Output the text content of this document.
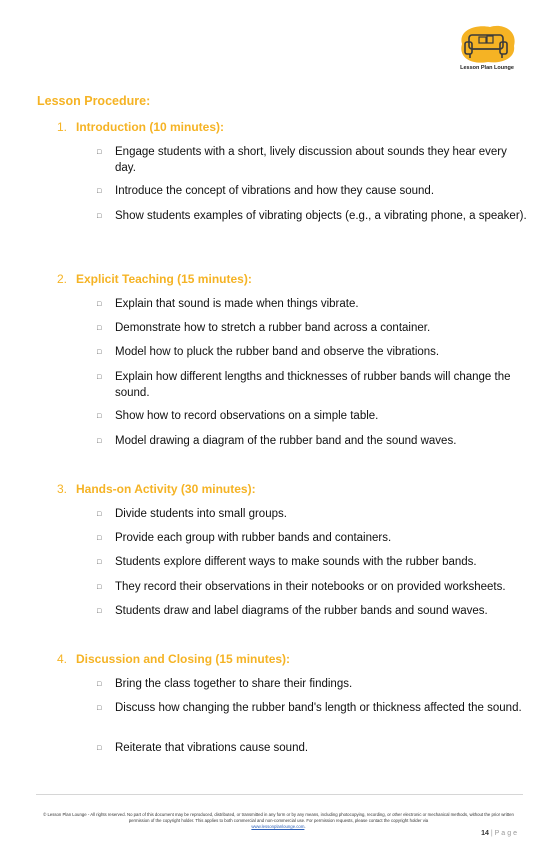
Lesson Plan Lounge
Lesson Procedure:
1. Introduction (10 minutes):
□ Engage students with a short, lively discussion about sounds they hear every day.
□ Introduce the concept of vibrations and how they cause sound.
□ Show students examples of vibrating objects (e.g., a vibrating phone, a speaker).
2. Explicit Teaching (15 minutes):
□ Explain that sound is made when things vibrate.
□ Demonstrate how to stretch a rubber band across a container.
□ Model how to pluck the rubber band and observe the vibrations.
□ Explain how different lengths and thicknesses of rubber bands will change the sound.
□ Show how to record observations on a simple table.
□ Model drawing a diagram of the rubber band and the sound waves.
3. Hands-on Activity (30 minutes):
□ Divide students into small groups.
□ Provide each group with rubber bands and containers.
□ Students explore different ways to make sounds with the rubber bands.
□ They record their observations in their notebooks or on provided worksheets.
□ Students draw and label diagrams of the rubber bands and sound waves.
4. Discussion and Closing (15 minutes):
□ Bring the class together to share their findings.
□ Discuss how changing the rubber band's length or thickness affected the sound.
□ Reiterate that vibrations cause sound.
© Lesson Plan Lounge - All rights reserved. No part of this document may be reproduced, distributed, or transmitted in any form or by any means, including photocopying, recording, or other electronic or mechanical methods, without the prior written permission of the copyright holder. This applies to both commercial and non-commercial use. For permission requests, please contact the copyright holder via
www.lessonplanlounge.com.
14 | Page
